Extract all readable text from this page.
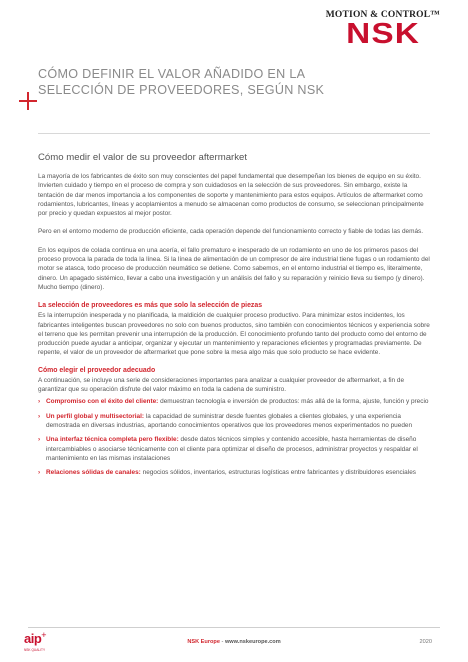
MOTION & CONTROL™
NSK
CÓMO DEFINIR EL VALOR AÑADIDO EN LA SELECCIÓN DE PROVEEDORES, SEGÚN NSK
Cómo medir el valor de su proveedor aftermarket

La mayoría de los fabricantes de éxito son muy conscientes del papel fundamental que desempeñan los bienes de equipo en su éxito. Invierten cuidado y tiempo en el proceso de compra y son cuidadosos en la selección de sus proveedores. Sin embargo, existe la tentación de dar menos importancia a los componentes de soporte y mantenimiento para estos equipos. Artículos de aftermarket como rodamientos, lubricantes, líneas y acoplamientos a menudo se almacenan como productos de consumo, se seleccionan principalmente por precio y quedan expuestos al mejor postor.

Pero en el entorno moderno de producción eficiente, cada operación depende del funcionamiento correcto y fiable de todas las demás.

En los equipos de colada continua en una acería, el fallo prematuro e inesperado de un rodamiento en uno de los primeros pasos del proceso provoca la parada de toda la línea. Si la línea de alimentación de un compresor de aire industrial tiene fugas o un rodamiento del motor se atasca, todo proceso de producción neumático se detiene. Como sabemos, en el entorno industrial el tiempo es, literalmente, dinero. Un apagado sistémico, llevar a cabo una investigación y un análisis del fallo y su reparación y reinicio lleva su tiempo (y dinero). Mucho tiempo (dinero).

La selección de proveedores es más que solo la selección de piezas

Es la interrupción inesperada y no planificada, la maldición de cualquier proceso productivo. Para minimizar estos incidentes, los fabricantes inteligentes buscan proveedores no solo con buenos productos, sino también con conocimientos técnicos y experiencia sobre el terreno que les permitan prevenir una interrupción de la producción. El conocimiento profundo tanto del producto como del entorno de producción puede ayudar a anticipar, organizar y ejecutar un mantenimiento y reparaciones eficientes y programadas previamente. De repente, el valor de un proveedor de aftermarket que pone sobre la mesa algo más que solo producto se hace evidente.

Cómo elegir el proveedor adecuado

A continuación, se incluye una serie de consideraciones importantes para analizar a cualquier proveedor de aftermarket, a fin de garantizar que su operación disfrute del valor máximo en toda la cadena de suministro.

› Compromiso con el éxito del cliente: demuestran tecnología e inversión de productos: más allá de la forma, ajuste, función y precio
› Un perfil global y multisectorial: la capacidad de suministrar desde fuentes globales a clientes globales, y una experiencia demostrada en diversas industrias, aportando conocimientos operativos que los proveedores menos experimentados no pueden
› Una interfaz técnica completa pero flexible: desde datos técnicos simples y contenido accesible, hasta herramientas de diseño intercambiables o asociarse técnicamente con el cliente para optimizar el diseño de procesos, administrar proyectos y respaldar el mantenimiento en las mismas instalaciones
› Relaciones sólidas de canales: negocios sólidos, inventarios, estructuras logísticas entre fabricantes y distribuidores esenciales
aip+
NSK QUALITY
NSK Europe - www.nskeurope.com	2020
